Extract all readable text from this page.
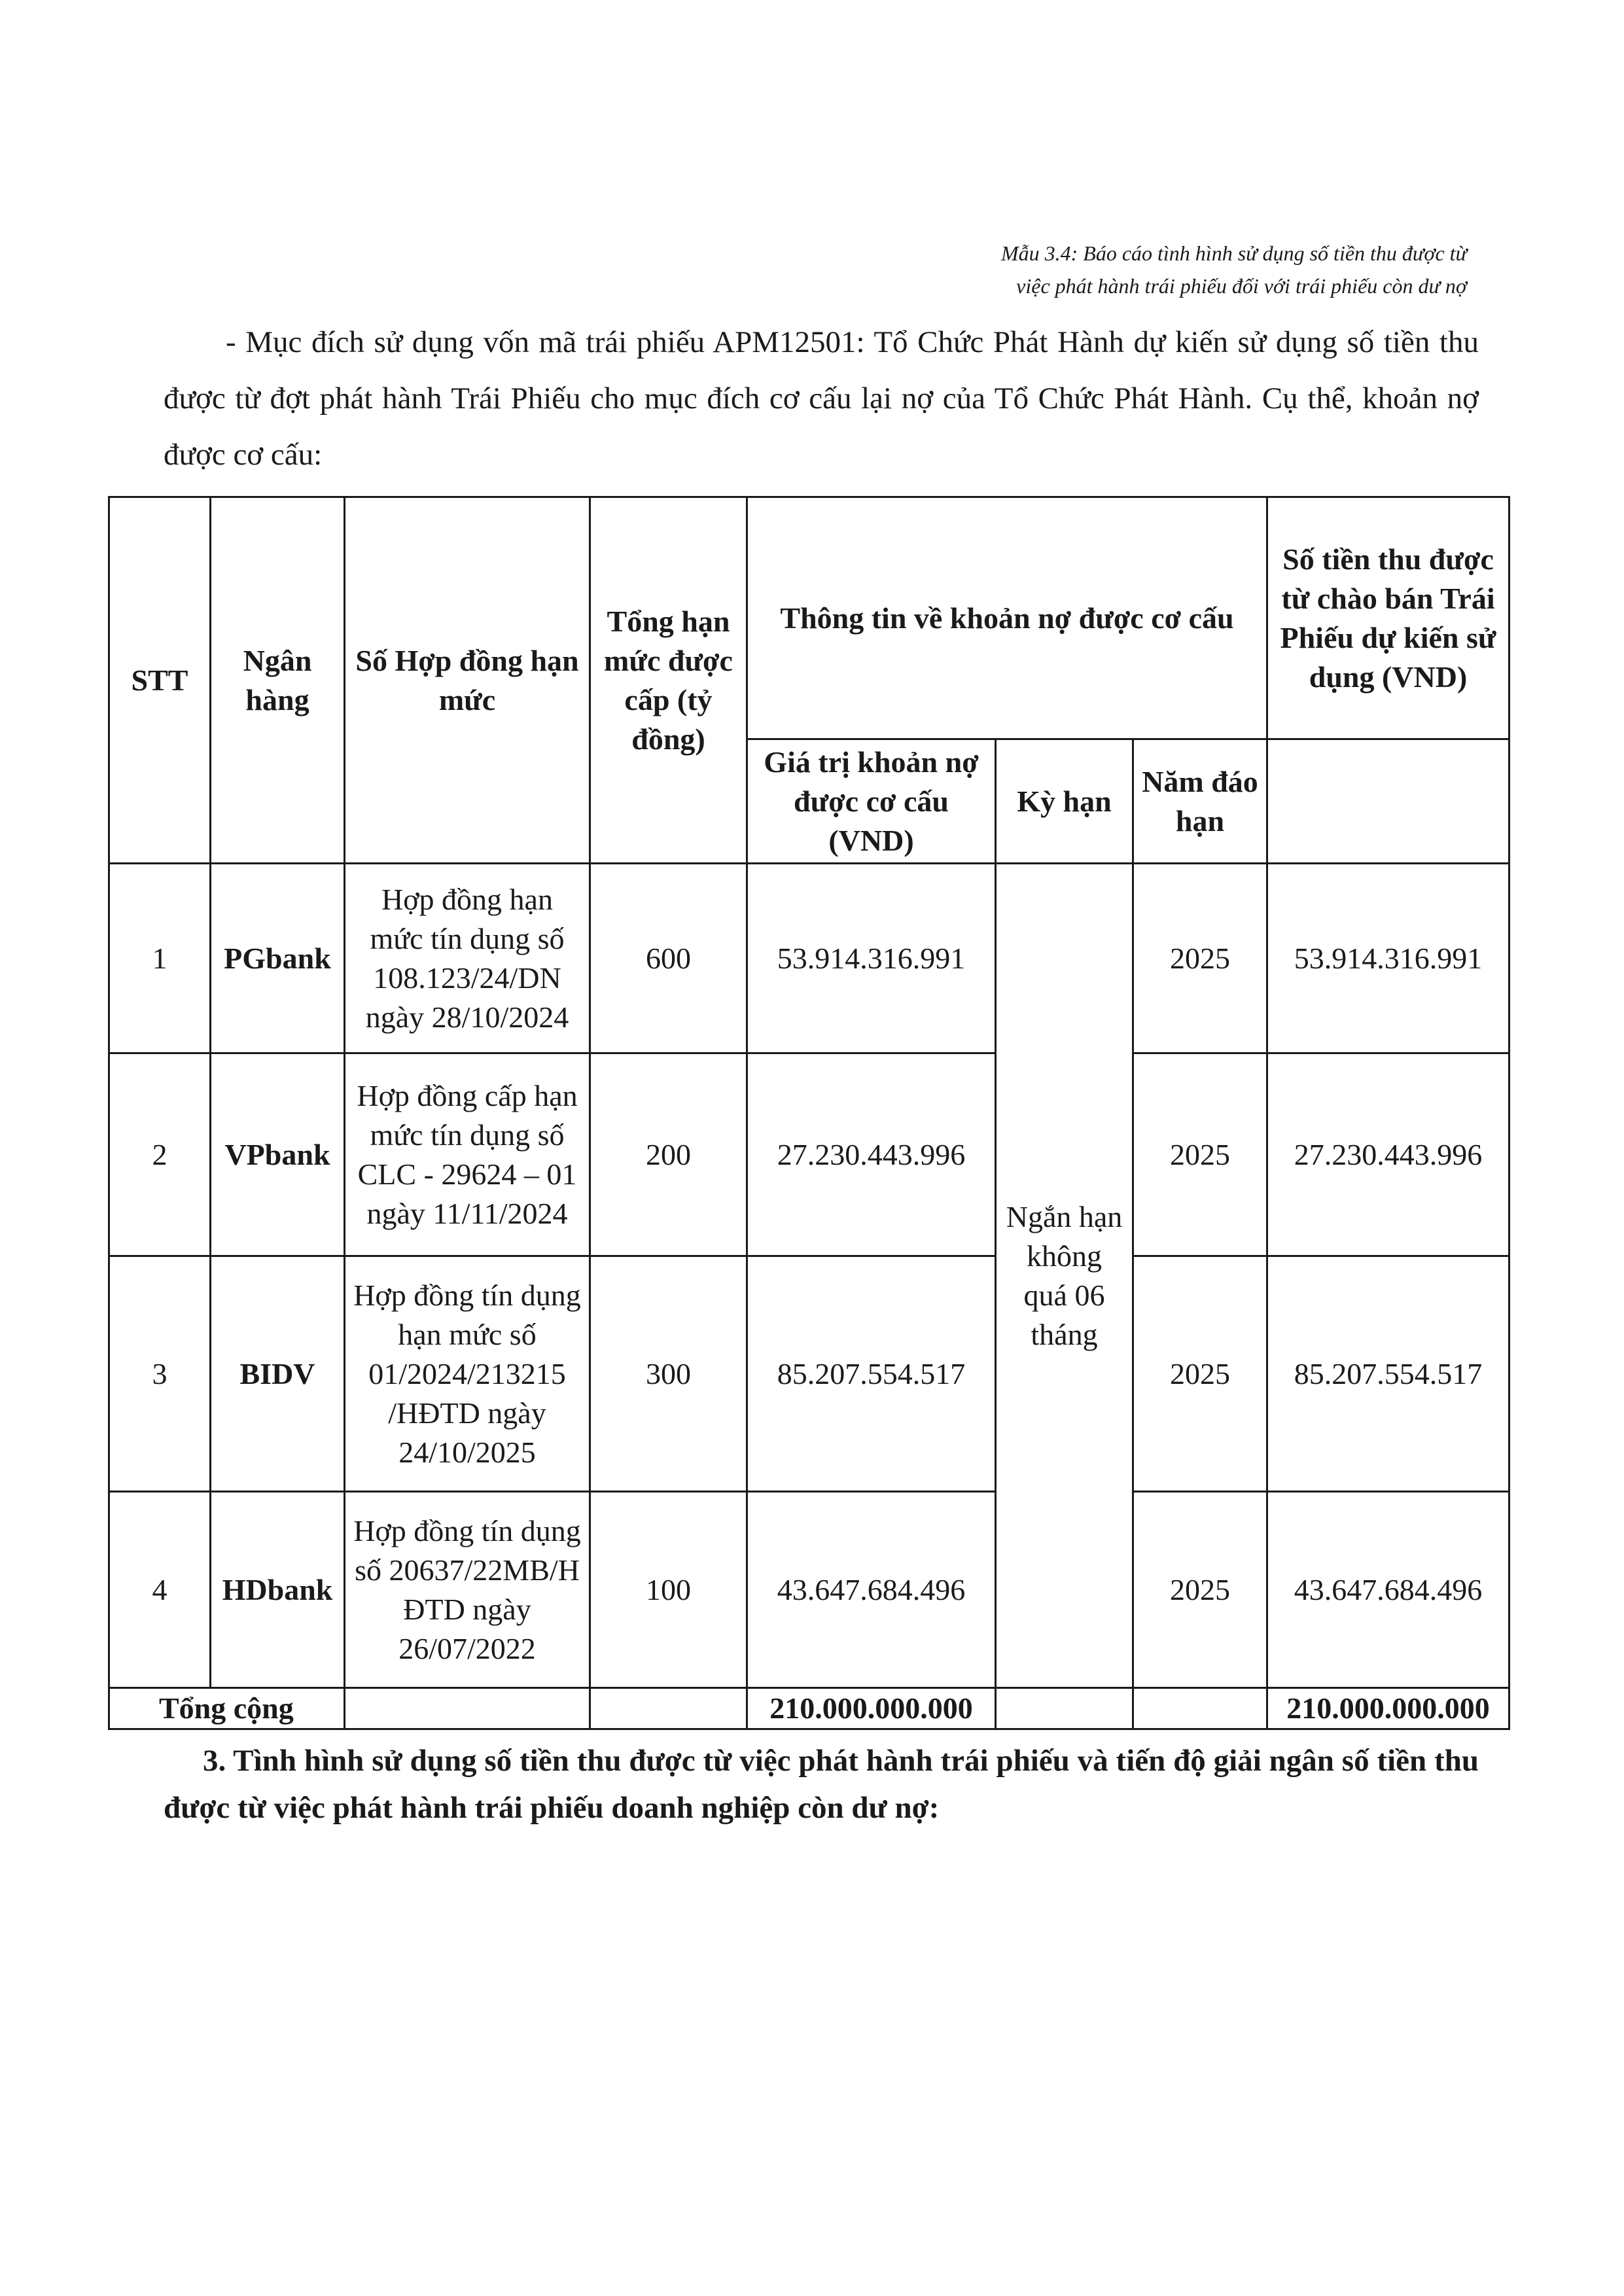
Mẫu 3.4: Báo cáo tình hình sử dụng số tiền thu được từ
việc phát hành trái phiếu đối với trái phiếu còn dư nợ

- Mục đích sử dụng vốn mã trái phiếu APM12501: Tổ Chức Phát Hành dự kiến sử dụng số tiền thu được từ đợt phát hành Trái Phiếu cho mục đích cơ cấu lại nợ của Tổ Chức Phát Hành. Cụ thể, khoản nợ được cơ cấu:

STT	Ngân hàng	Số Hợp đồng hạn mức	Tổng hạn mức được cấp (tỷ đồng)	Thông tin về khoản nợ được cơ cấu			Số tiền thu được từ chào bán Trái Phiếu dự kiến sử dụng (VND)
				Giá trị khoản nợ được cơ cấu (VND)	Kỳ hạn	Năm đáo hạn	
1	PGbank	Hợp đồng hạn mức tín dụng số 108.123/24/DN ngày 28/10/2024	600	53.914.316.991	Ngắn hạn không quá 06 tháng	2025	53.914.316.991
2	VPbank	Hợp đồng cấp hạn mức tín dụng số CLC - 29624 – 01 ngày 11/11/2024	200	27.230.443.996		2025	27.230.443.996
3	BIDV	Hợp đồng tín dụng hạn mức số 01/2024/213215 /HĐTD ngày 24/10/2025	300	85.207.554.517		2025	85.207.554.517
4	HDbank	Hợp đồng tín dụng số 20637/22MB/H ĐTD ngày 26/07/2022	100	43.647.684.496		2025	43.647.684.496
Tổng cộng				210.000.000.000			210.000.000.000

3. Tình hình sử dụng số tiền thu được từ việc phát hành trái phiếu và tiến độ giải ngân số tiền thu được từ việc phát hành trái phiếu doanh nghiệp còn dư nợ:
